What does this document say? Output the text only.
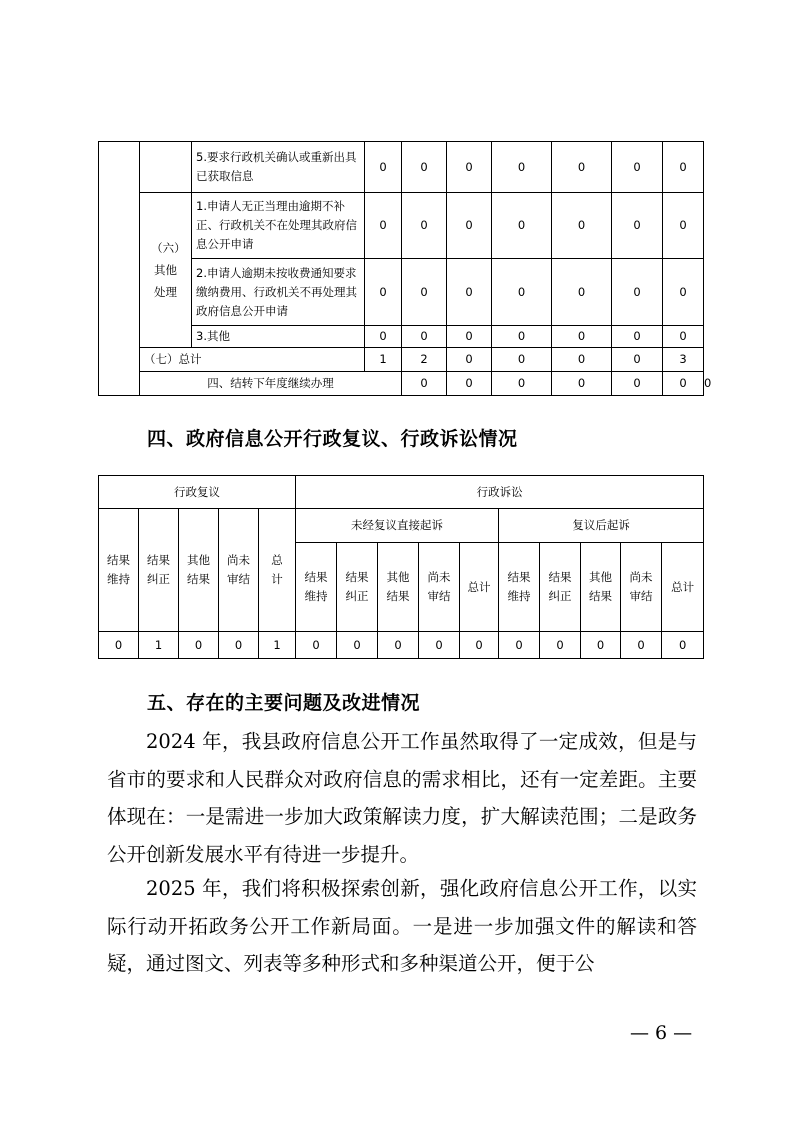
		5.要求行政机关确认或重新出具已获取信息	0	0	0	0	0	0	0	
	（六）其他处理	1.申请人无正当理由逾期不补正、行政机关不在处理其政府信息公开申请	0	0	0	0	0	0	0	
		2.申请人逾期未按收费通知要求缴纳费用、行政机关不再处理其政府信息公开申请	0	0	0	0	0	0	0	
		3.其他	0	0	0	0	0	0	0	
	（七）总计		1	2	0	0	0	0	3	
	四、结转下年度继续办理			0	0	0	0	0	0	0
四、政府信息公开行政复议、行政诉讼情况
行政复议					行政诉讼									
结果维持	结果纠正	其他结果	尚未审结	总计	未经复议直接起诉					复议后起诉				
					结果维持	结果纠正	其他结果	尚未审结	总计	结果维持	结果纠正	其他结果	尚未审结	总计
0	1	0	0	1	0	0	0	0	0	0	0	0	0	0
五、存在的主要问题及改进情况

2024 年，我县政府信息公开工作虽然取得了一定成效，但是与省市的要求和人民群众对政府信息的需求相比，还有一定差距。主要体现在：一是需进一步加大政策解读力度，扩大解读范围；二是政务公开创新发展水平有待进一步提升。

2025 年，我们将积极探索创新，强化政府信息公开工作，以实际行动开拓政务公开工作新局面。一是进一步加强文件的解读和答疑，通过图文、列表等多种形式和多种渠道公开，便于公

— 6 —
